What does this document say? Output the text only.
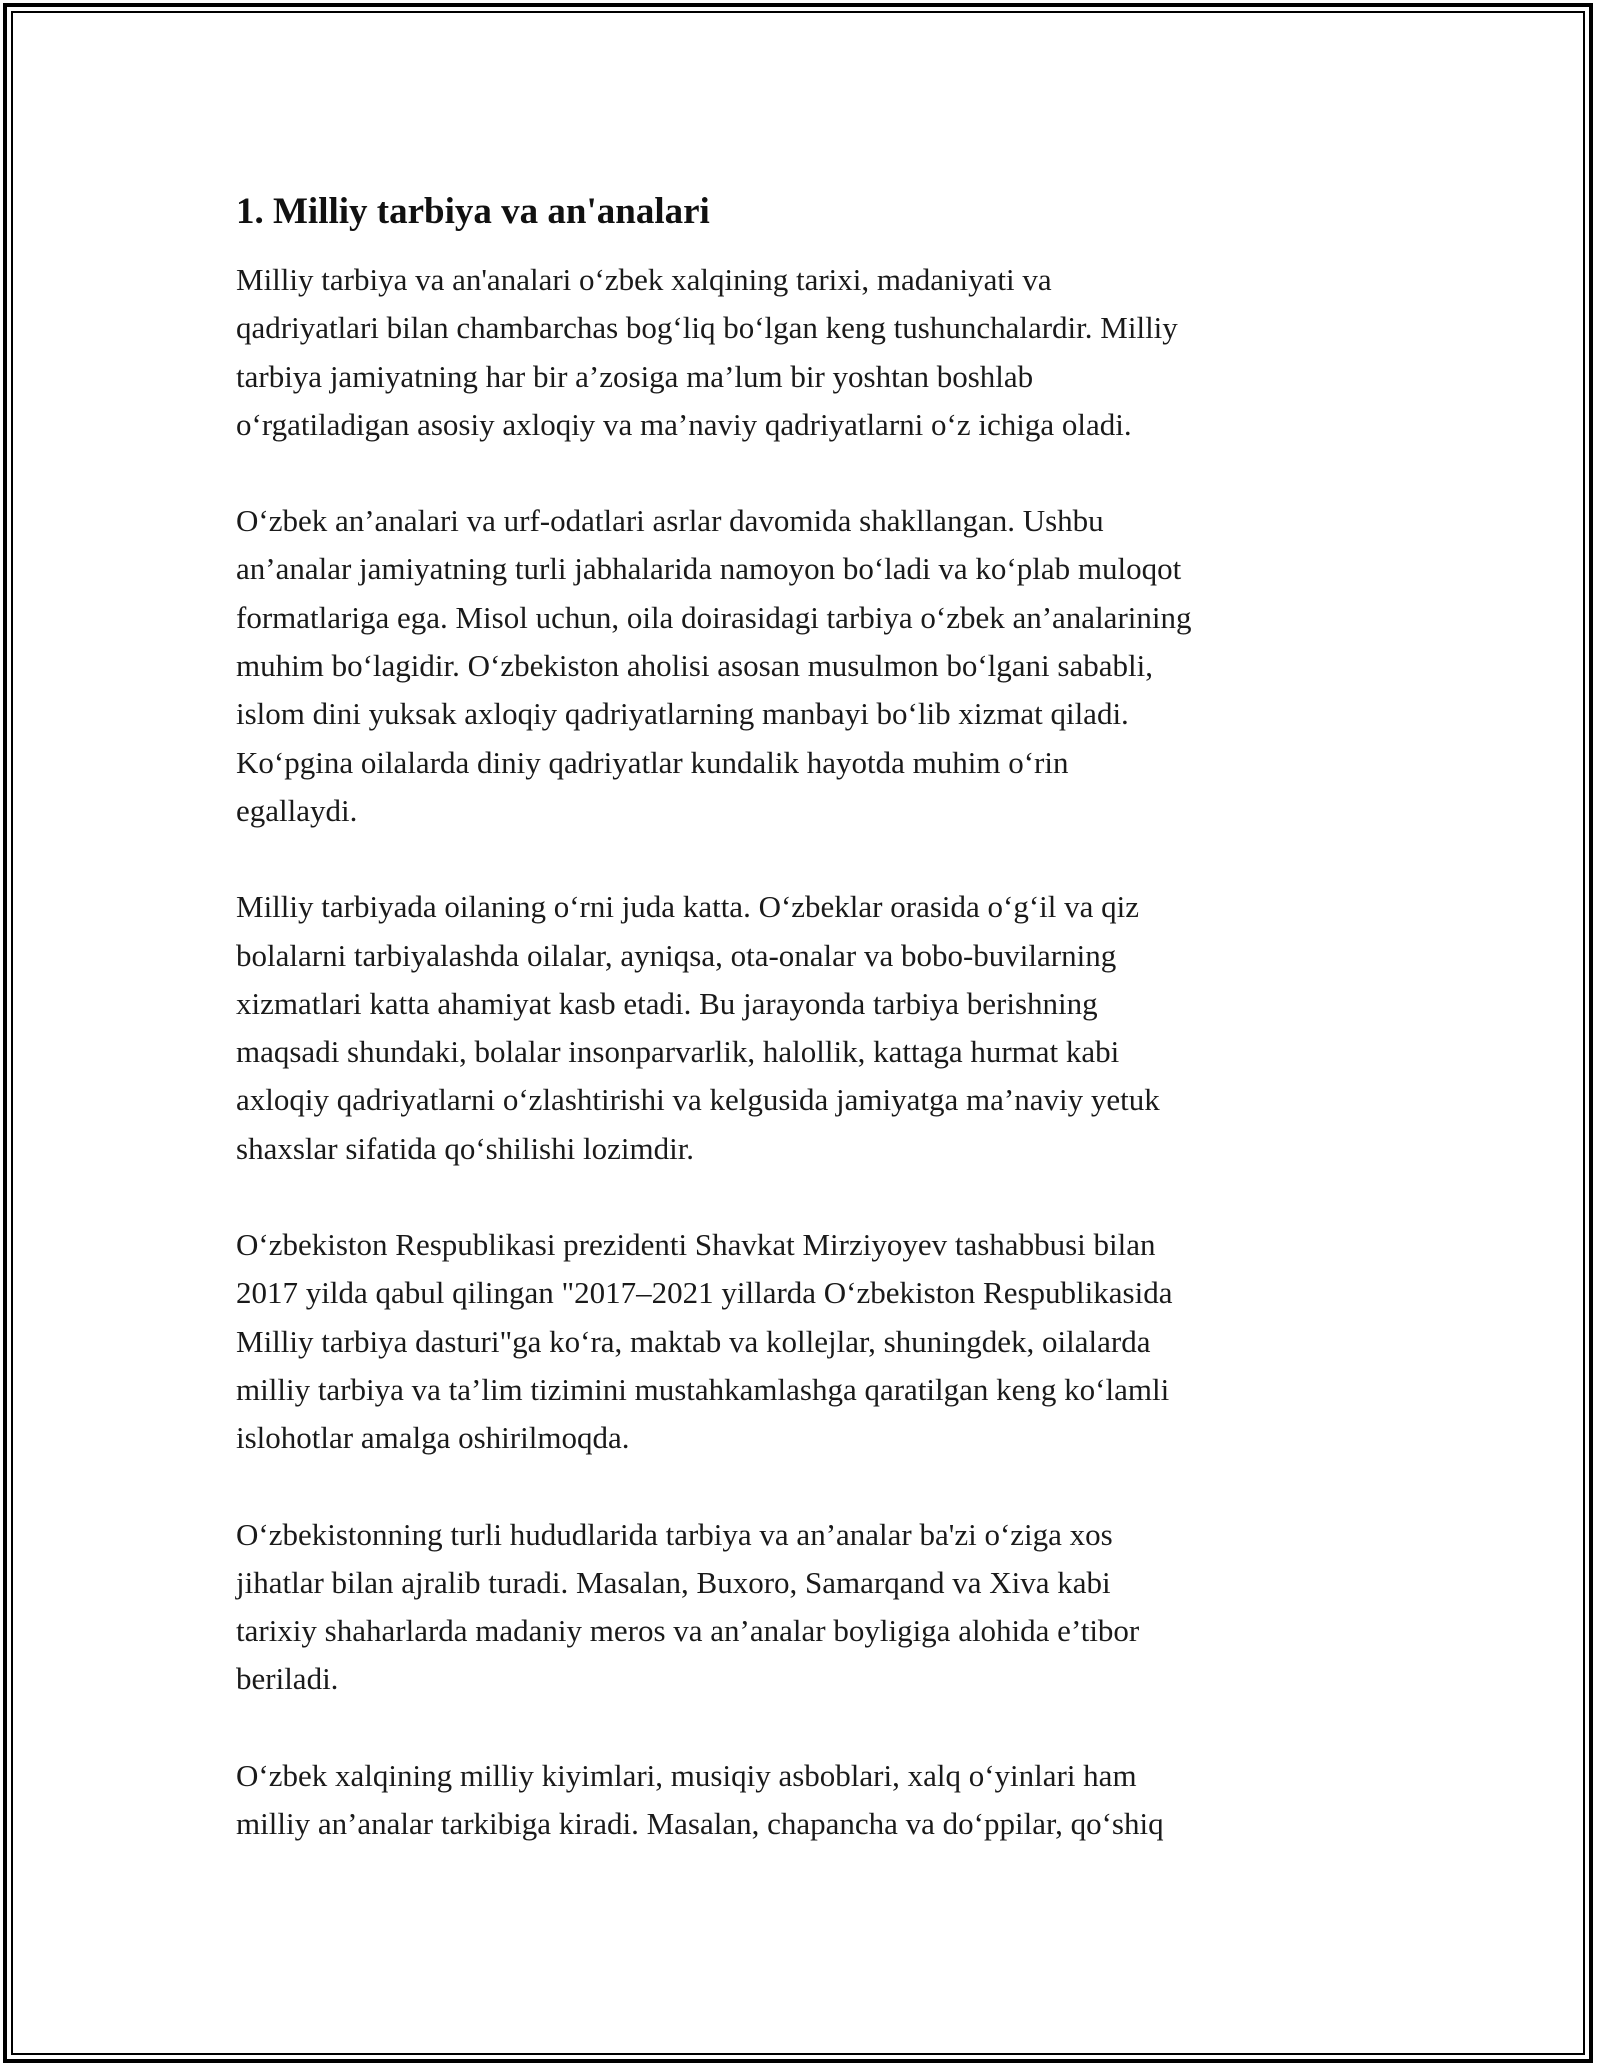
1. Milliy tarbiya va an'analari

Milliy tarbiya va an'analari o‘zbek xalqining tarixi, madaniyati va
qadriyatlari bilan chambarchas bog‘liq bo‘lgan keng tushunchalardir. Milliy
tarbiya jamiyatning har bir a’zosiga ma’lum bir yoshtan boshlab
o‘rgatiladigan asosiy axloqiy va ma’naviy qadriyatlarni o‘z ichiga oladi.

O‘zbek an’analari va urf-odatlari asrlar davomida shakllangan. Ushbu
an’analar jamiyatning turli jabhalarida namoyon bo‘ladi va ko‘plab muloqot
formatlariga ega. Misol uchun, oila doirasidagi tarbiya o‘zbek an’analarining
muhim bo‘lagidir. O‘zbekiston aholisi asosan musulmon bo‘lgani sababli,
islom dini yuksak axloqiy qadriyatlarning manbayi bo‘lib xizmat qiladi.
Ko‘pgina oilalarda diniy qadriyatlar kundalik hayotda muhim o‘rin
egallaydi.

Milliy tarbiyada oilaning o‘rni juda katta. O‘zbeklar orasida o‘g‘il va qiz
bolalarni tarbiyalashda oilalar, ayniqsa, ota-onalar va bobo-buvilarning
xizmatlari katta ahamiyat kasb etadi. Bu jarayonda tarbiya berishning
maqsadi shundaki, bolalar insonparvarlik, halollik, kattaga hurmat kabi
axloqiy qadriyatlarni o‘zlashtirishi va kelgusida jamiyatga ma’naviy yetuk
shaxslar sifatida qo‘shilishi lozimdir.

O‘zbekiston Respublikasi prezidenti Shavkat Mirziyoyev tashabbusi bilan
2017 yilda qabul qilingan "2017–2021 yillarda O‘zbekiston Respublikasida
Milliy tarbiya dasturi"ga ko‘ra, maktab va kollejlar, shuningdek, oilalarda
milliy tarbiya va ta’lim tizimini mustahkamlashga qaratilgan keng ko‘lamli
islohotlar amalga oshirilmoqda.

O‘zbekistonning turli hududlarida tarbiya va an’analar ba'zi o‘ziga xos
jihatlar bilan ajralib turadi. Masalan, Buxoro, Samarqand va Xiva kabi
tarixiy shaharlarda madaniy meros va an’analar boyligiga alohida e’tibor
beriladi.

O‘zbek xalqining milliy kiyimlari, musiqiy asboblari, xalq o‘yinlari ham
milliy an’analar tarkibiga kiradi. Masalan, chapancha va do‘ppilar, qo‘shiq
